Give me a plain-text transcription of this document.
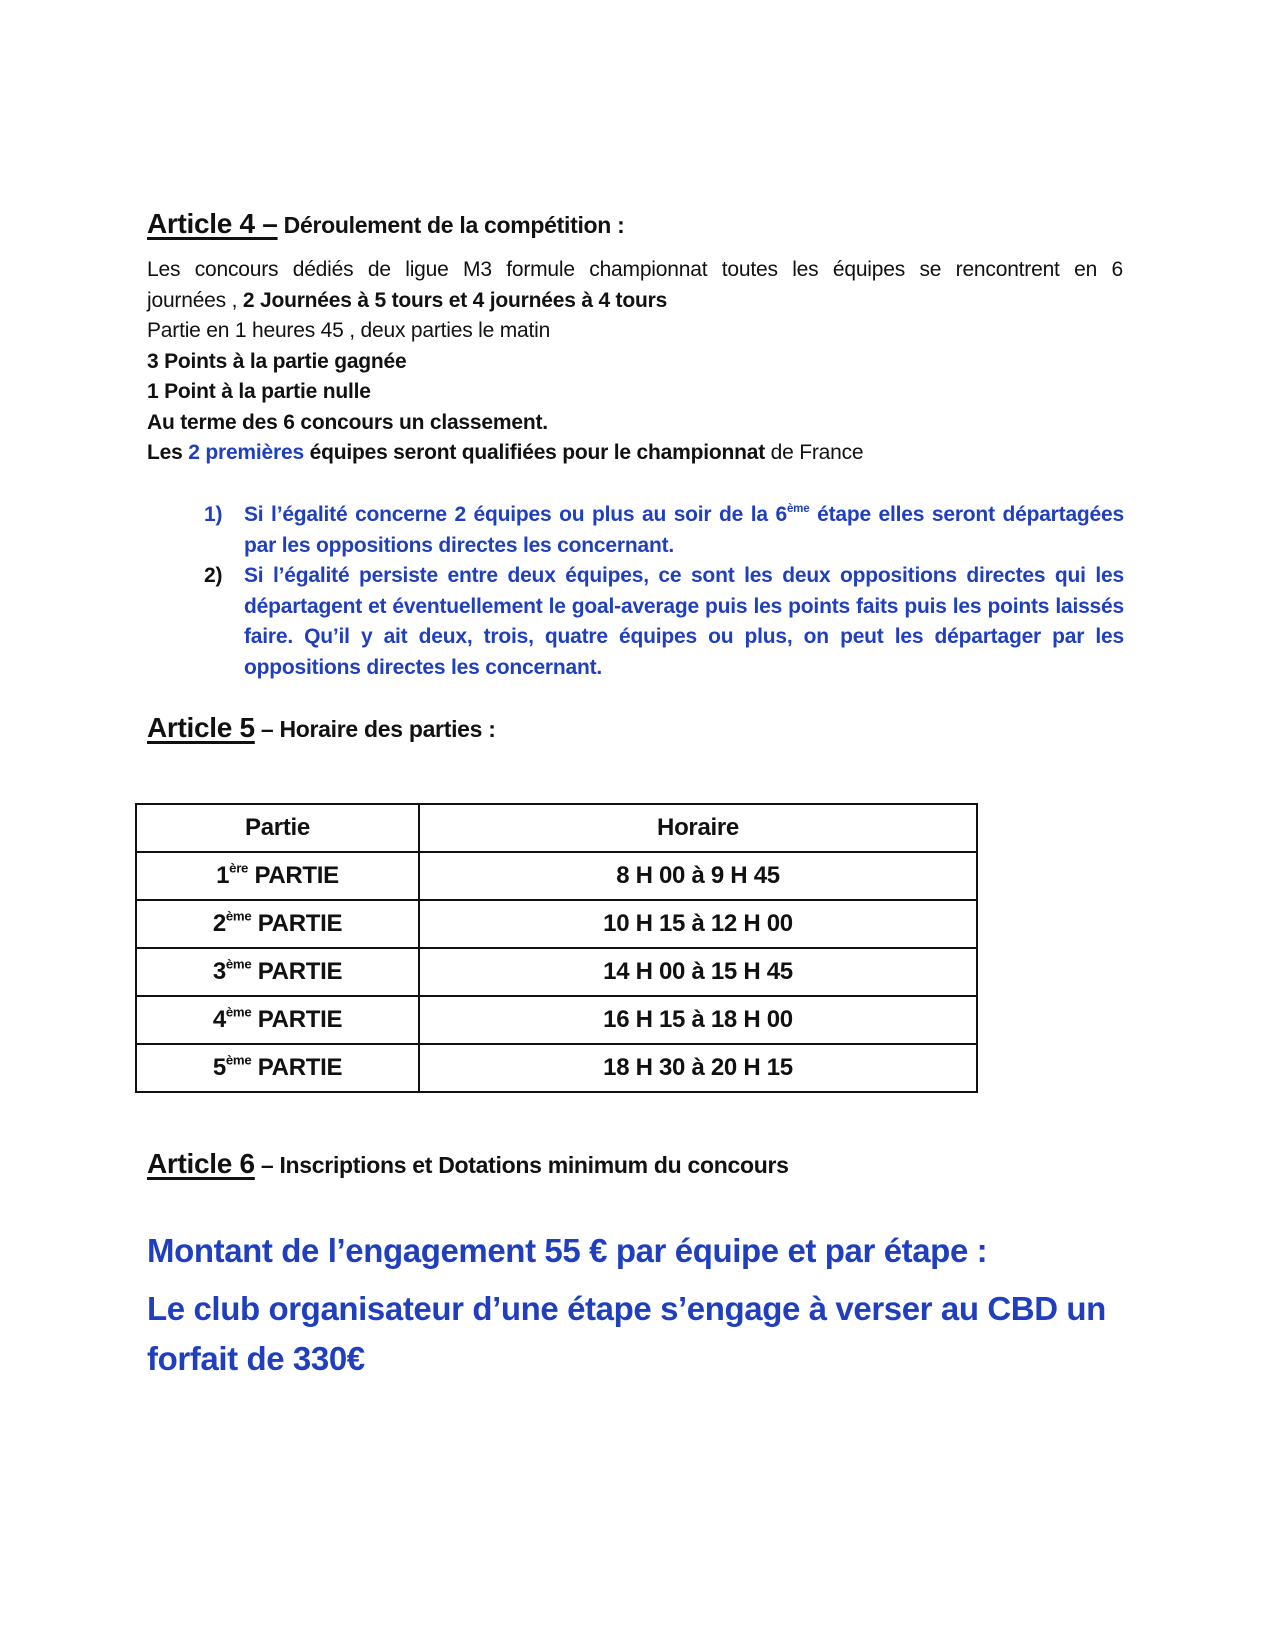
Article 4 – Déroulement de la compétition :
Les concours dédiés de ligue M3 formule championnat toutes les équipes se rencontrent en 6
journées , 2 Journées à 5 tours et 4 journées à 4 tours
Partie en 1 heures 45 , deux parties le matin
3 Points à la partie gagnée
1 Point à la partie nulle
Au terme des 6 concours un classement.
Les 2 premières équipes seront qualifiées pour le championnat de France
1) Si l’égalité concerne 2 équipes ou plus au soir de la 6ème étape elles seront départagées par les oppositions directes les concernant.
2) Si l’égalité persiste entre deux équipes, ce sont les deux oppositions directes qui les départagent et éventuellement le goal-average puis les points faits puis les points laissés faire. Qu’il y ait deux, trois, quatre équipes ou plus, on peut les départager par les oppositions directes les concernant.
Article 5 – Horaire des parties :
Partie	Horaire
1ère PARTIE	8 H 00 à 9 H 45
2ème PARTIE	10 H 15 à 12 H 00
3ème PARTIE	14 H 00 à 15 H 45
4ème PARTIE	16 H 15 à 18 H 00
5ème PARTIE	18 H 30 à 20 H 15
Article 6 – Inscriptions et Dotations minimum du concours
Montant de l’engagement 55 € par équipe et par étape :
Le club organisateur d’une étape s’engage à verser au CBD un
forfait de 330€
